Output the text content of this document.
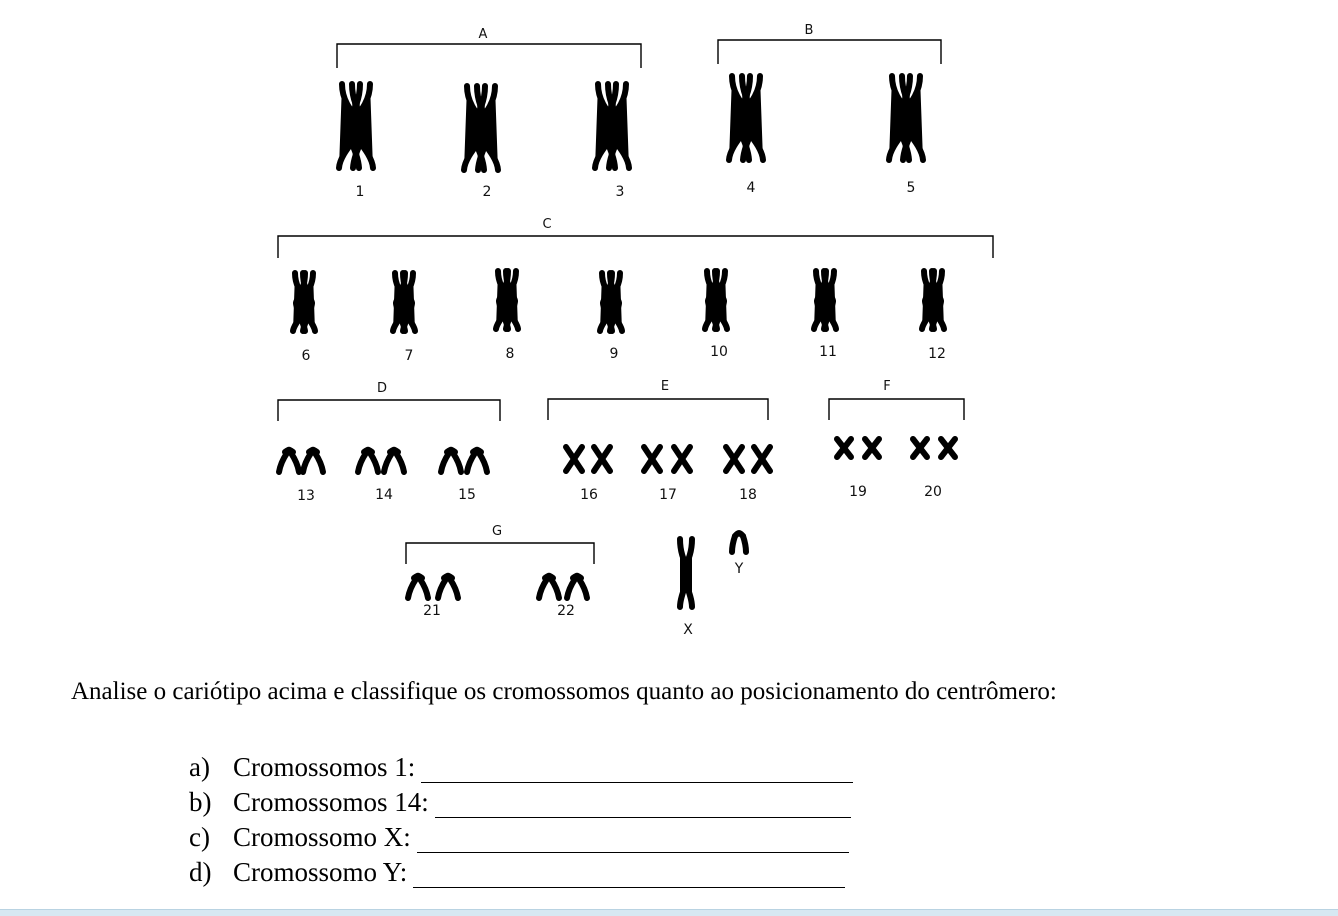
A
1	2	3
B
4	5
C
6	7	8	9	10	11	12
D
13	14	15
E
16	17	18
F
19	20
G
21	22
X
Y
Analise o cariótipo acima e classifique os cromossomos quanto ao posicionamento do centrômero:
a) Cromossomos 1:
b) Cromossomos 14:
c) Cromossomo X:
d) Cromossomo Y:
